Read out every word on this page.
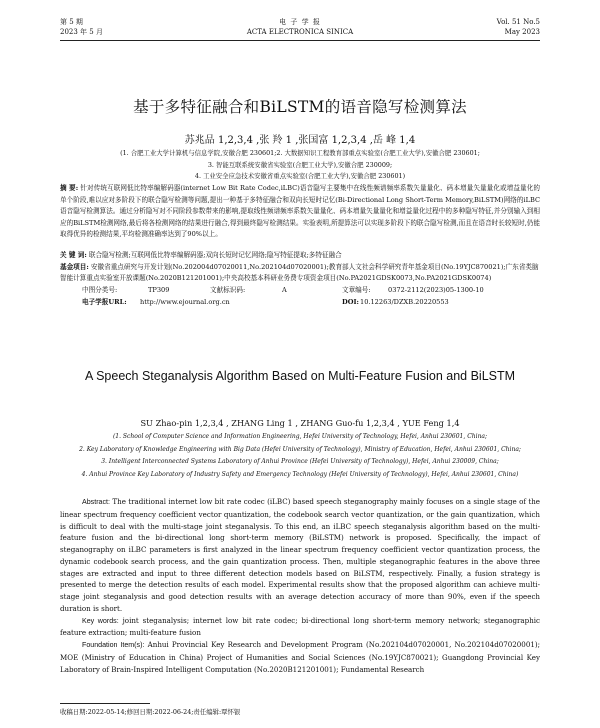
第 5 期
2023 年 5 月
电 子 学 报
ACTA ELECTRONICA SINICA
Vol. 51 No.5
May 2023
基于多特征融合和BiLSTM的语音隐写检测算法
苏兆品 1,2,3,4 ,张 羚 1 ,张国富 1,2,3,4 ,岳 峰 1,4
(1. 合肥工业大学计算机与信息学院,安徽合肥 230601;2. 大数据知识工程教育部重点实验室(合肥工业大学),安徽合肥 230601;
3. 智能互联系统安徽省实验室(合肥工业大学),安徽合肥 230009;
4. 工业安全应急技术安徽省重点实验室(合肥工业大学),安徽合肥 230601)
摘 要: 针对传统互联网低比特率编解码器(internet Low Bit Rate Codec,iLBC)语音隐写主要集中在线性频谱频率系数矢量量化、码本增量矢量量化或增益量化的单个阶段,难以应对多阶段下的联合隐写检测等问题,提出一种基于多特征融合和双向长短时记忆(Bi-Directional Long Short-Term Memory,BiLSTM)网络的iLBC语音隐写检测算法。通过分析隐写对不同阶段参数带来的影响,提取线性频谱频率系数矢量量化、码本增量矢量量化和增益量化过程中的多种隐写特征,并分别输入到相应的BiLSTM检测网络,最后将各检测网络的结果进行融合,得到最终隐写检测结果。实验表明,所提算法可以实现多阶段下的联合隐写检测,而且在语音时长较短时,仍能取得优异的检测结果,平均检测准确率达到了90%以上。
关 键 词: 联合隐写检测;互联网低比特率编解码器;双向长短时记忆网络;隐写特征提取;多特征融合
基金项目: 安徽省重点研究与开发计划(No.202004d07020011,No.202104d07020001);教育部人文社会科学研究青年基金项目(No.19YJC870021);广东省类脑智能计算重点实验室开放课题(No.2020B121201001);中央高校基本科研业务费专项资金项目(No.PA2021GDSK0073,No.PA2021GDSK0074)
中图分类号:	TP309	文献标识码:	A	文章编号:	0372-2112(2023)05-1300-10
电子学报URL: http://www.ejournal.org.cn	DOI: 10.12263/DZXB.20220553
A Speech Steganalysis Algorithm Based on Multi-Feature Fusion and BiLSTM
SU Zhao-pin 1,2,3,4 , ZHANG Ling 1 , ZHANG Guo-fu 1,2,3,4 , YUE Feng 1,4
(1. School of Computer Science and Information Engineering, Hefei University of Technology, Hefei, Anhui 230601, China;
2. Key Laboratory of Knowledge Engineering with Big Data (Hefei University of Technology), Ministry of Education, Hefei, Anhui 230601, China;
3. Intelligent Interconnected Systems Laboratory of Anhui Province (Hefei University of Technology), Hefei, Anhui 230009, China;
4. Anhui Province Key Laboratory of Industry Safety and Emergency Technology (Hefei University of Technology), Hefei, Anhui 230601, China)

Abstract: The traditional internet low bit rate codec (iLBC) based speech steganography mainly focuses on a single stage of the linear spectrum frequency coefficient vector quantization, the codebook search vector quantization, or the gain quantization, which is difficult to deal with the multi-stage joint steganalysis. To this end, an iLBC speech steganalysis algorithm based on the multi-feature fusion and the bi-directional long short-term memory (BiLSTM) network is proposed. Specifically, the impact of steganography on iLBC parameters is first analyzed in the linear spectrum frequency coefficient vector quantization process, the dynamic codebook search process, and the gain quantization process. Then, multiple steganographic features in the above three stages are extracted and input to three different detection models based on BiLSTM, respectively. Finally, a fusion strategy is presented to merge the detection results of each model. Experimental results show that the proposed algorithm can achieve multi-stage joint steganalysis and good detection results with an average detection accuracy of more than 90%, even if the speech duration is short.

Key words: joint steganalysis; internet low bit rate codec; bi-directional long short-term memory network; steganographic feature extraction; multi-feature fusion

Foundation Item(s): Anhui Provincial Key Research and Development Program (No.202104d07020001, No.202104d07020001); MOE (Ministry of Education in China) Project of Humanities and Social Sciences (No.19YJC870021); Guangdong Provincial Key Laboratory of Brain-Inspired Intelligent Computation (No.2020B121201001); Fundamental Research

收稿日期:2022-05-14;修回日期:2022-06-24;责任编辑:覃怀银
